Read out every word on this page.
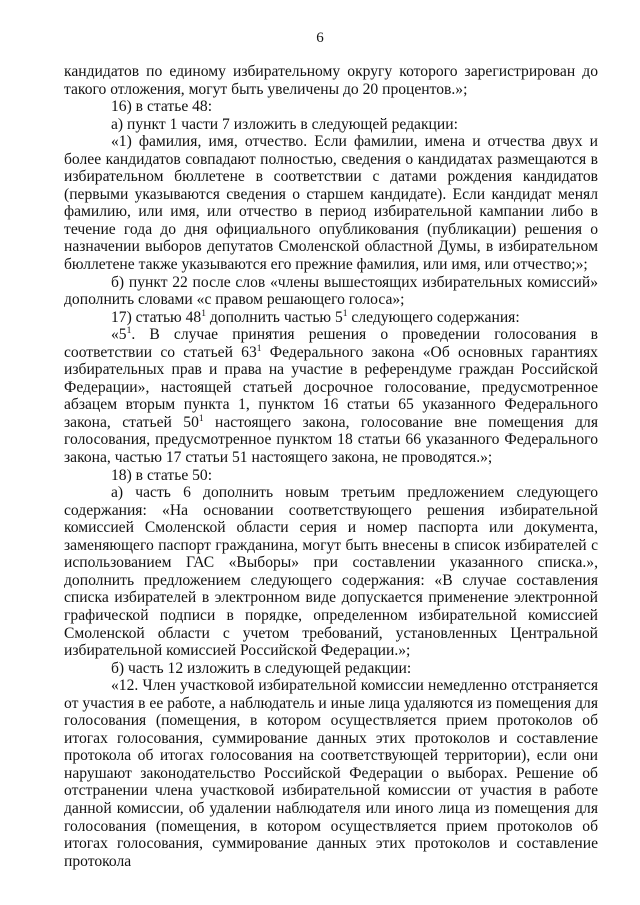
6

кандидатов по единому избирательному округу которого зарегистрирован до такого отложения, могут быть увеличены до 20 процентов.»;

16) в статье 48:

а) пункт 1 части 7 изложить в следующей редакции:

«1) фамилия, имя, отчество. Если фамилии, имена и отчества двух и более кандидатов совпадают полностью, сведения о кандидатах размещаются в избирательном бюллетене в соответствии с датами рождения кандидатов (первыми указываются сведения о старшем кандидате). Если кандидат менял фамилию, или имя, или отчество в период избирательной кампании либо в течение года до дня официального опубликования (публикации) решения о назначении выборов депутатов Смоленской областной Думы, в избирательном бюллетене также указываются его прежние фамилия, или имя, или отчество;»;

б) пункт 22 после слов «члены вышестоящих избирательных комиссий» дополнить словами «с правом решающего голоса»;

17) статью $48^1$ дополнить частью $5^1$ следующего содержания:

«$5^1$. В случае принятия решения о проведении голосования в соответствии со статьей $63^1$ Федерального закона «Об основных гарантиях избирательных прав и права на участие в референдуме граждан Российской Федерации», настоящей статьей досрочное голосование, предусмотренное абзацем вторым пункта 1, пунктом 16 статьи 65 указанного Федерального закона, статьей $50^1$ настоящего закона, голосование вне помещения для голосования, предусмотренное пунктом 18 статьи 66 указанного Федерального закона, частью 17 статьи 51 настоящего закона, не проводятся.»;

18) в статье 50:

а) часть 6 дополнить новым третьим предложением следующего содержания: «На основании соответствующего решения избирательной комиссией Смоленской области серия и номер паспорта или документа, заменяющего паспорт гражданина, могут быть внесены в список избирателей с использованием ГАС «Выборы» при составлении указанного списка.», дополнить предложением следующего содержания: «В случае составления списка избирателей в электронном виде допускается применение электронной графической подписи в порядке, определенном избирательной комиссией Смоленской области с учетом требований, установленных Центральной избирательной комиссией Российской Федерации.»;

б) часть 12 изложить в следующей редакции:

«12. Член участковой избирательной комиссии немедленно отстраняется от участия в ее работе, а наблюдатель и иные лица удаляются из помещения для голосования (помещения, в котором осуществляется прием протоколов об итогах голосования, суммирование данных этих протоколов и составление протокола об итогах голосования на соответствующей территории), если они нарушают законодательство Российской Федерации о выборах. Решение об отстранении члена участковой избирательной комиссии от участия в работе данной комиссии, об удалении наблюдателя или иного лица из помещения для голосования (помещения, в котором осуществляется прием протоколов об итогах голосования, суммирование данных этих протоколов и составление протокола
